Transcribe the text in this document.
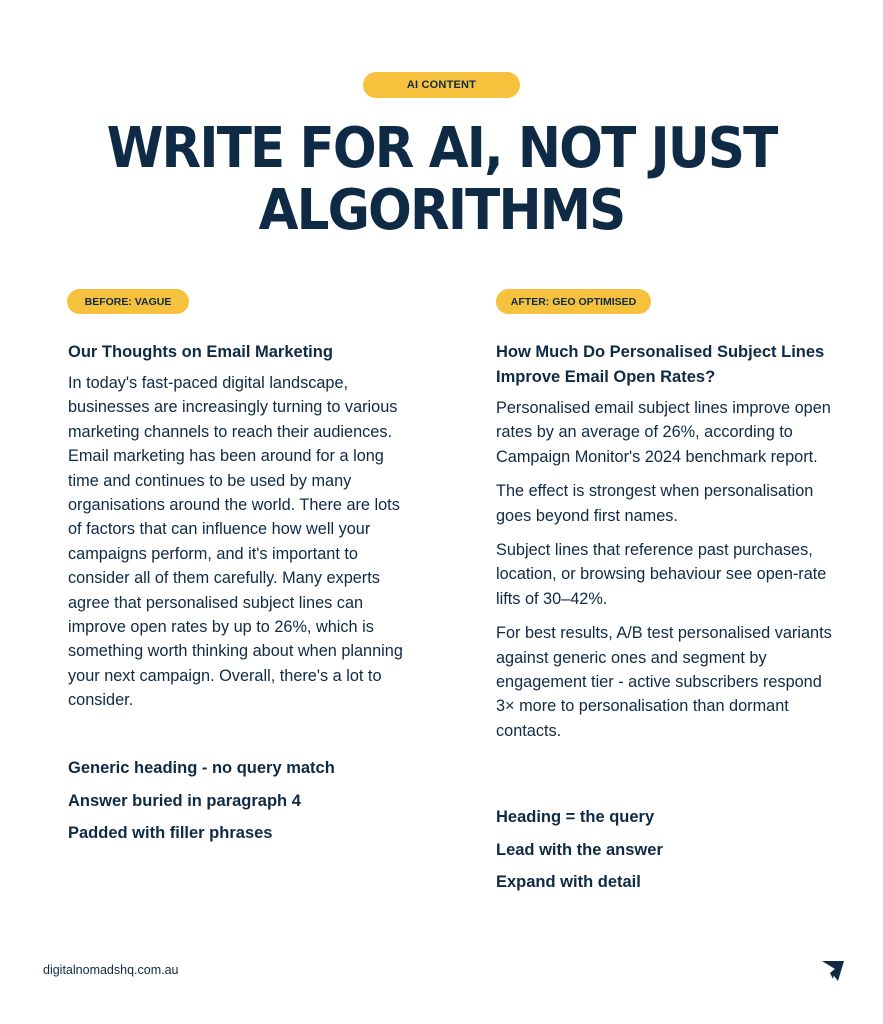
AI CONTENT
WRITE FOR AI, NOT JUST
ALGORITHMS
BEFORE: VAGUE	AFTER: GEO OPTIMISED
Our Thoughts on Email Marketing

In today's fast-paced digital landscape, businesses are increasingly turning to various marketing channels to reach their audiences. Email marketing has been around for a long time and continues to be used by many organisations around the world. There are lots of factors that can influence how well your campaigns perform, and it's important to consider all of them carefully. Many experts agree that personalised subject lines can improve open rates by up to 26%, which is something worth thinking about when planning your next campaign. Overall, there's a lot to consider.

How Much Do Personalised Subject Lines Improve Email Open Rates?

Personalised email subject lines improve open rates by an average of 26%, according to Campaign Monitor's 2024 benchmark report.

The effect is strongest when personalisation goes beyond first names.

Subject lines that reference past purchases, location, or browsing behaviour see open-rate lifts of 30–42%.

For best results, A/B test personalised variants against generic ones and segment by engagement tier - active subscribers respond 3× more to personalisation than dormant contacts.

Generic heading - no query match
Answer buried in paragraph 4
Padded with filler phrases
Heading = the query
Lead with the answer
Expand with detail
digitalnomadshq.com.au
